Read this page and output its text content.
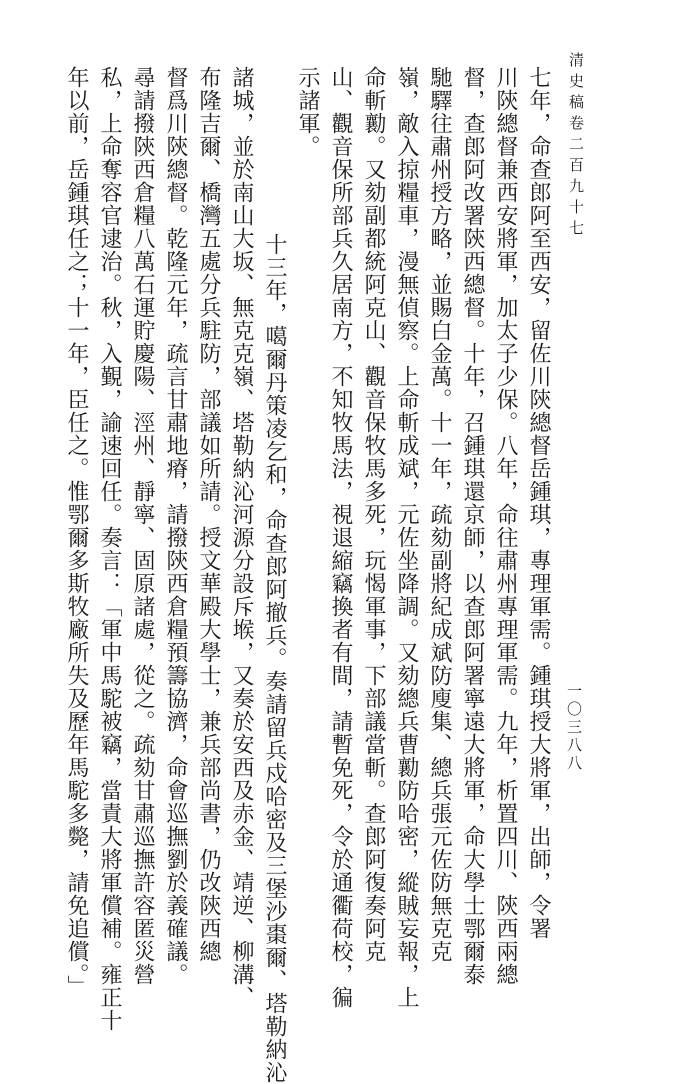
清史稿卷二百九十七
一〇三八八
七年，命查郎阿至西安，留佐川陝總督岳鍾琪，專理軍需。鍾琪授大將軍，出師，令署
川陝總督兼西安將軍，加太子少保。八年，命往肅州專理軍需。九年，析置四川、陝西兩總
督，查郎阿改署陝西總督。十年，召鍾琪還京師，以查郎阿署寧遠大將軍，命大學士鄂爾泰
馳驛往肅州授方略，並賜白金萬。十一年，疏劾副將紀成斌防廋集、總兵張元佐防無克克
嶺，敵入掠糧車，漫無偵察。上命斬成斌，元佐坐降調。又劾總兵曹勷防哈密，縱賊妄報，上
命斬勷。又劾副都統阿克山、觀音保牧馬多死，玩愒軍事，下部議當斬。查郎阿復奏阿克
山、觀音保所部兵久居南方，不知牧馬法，視退縮竊換者有間，請暫免死，令於通衢荷校，徧
示諸軍。
十三年，噶爾丹策凌乞和，命查郎阿撤兵。奏請留兵戍哈密及三堡沙棗爾、塔勒納沁
諸城，並於南山大坂、無克克嶺、塔勒納沁河源分設斥堠，又奏於安西及赤金、靖逆、柳溝、
布隆吉爾、橋灣五處分兵駐防，部議如所請。授文華殿大學士，兼兵部尚書，仍改陝西總
督爲川陝總督。乾隆元年，疏言甘肅地瘠，請撥陝西倉糧預籌協濟，命會巡撫劉於義確議。
尋請撥陝西倉糧八萬石運貯慶陽、涇州、靜寧、固原諸處，從之。疏劾甘肅巡撫許容匿災營
私，上命奪容官逮治。秋，入覲，諭速回任。奏言：「軍中馬駝被竊，當責大將軍償補。雍正十
年以前，岳鍾琪任之；十一年，臣任之。惟鄂爾多斯牧廠所失及歷年馬駝多斃，請免追償。」
